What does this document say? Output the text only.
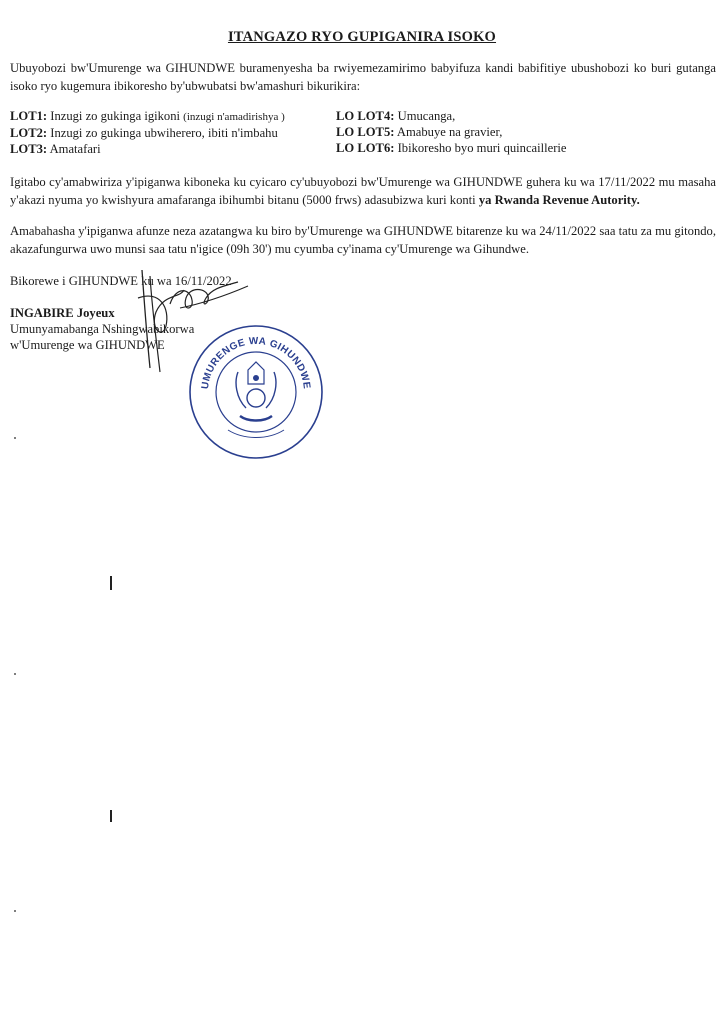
ITANGAZO RYO GUPIGANIRA ISOKO
Ubuyobozi bw'Umurenge wa GIHUNDWE buramenyesha ba rwiyemezamirimo babyifuza kandi babifitiye ubushobozi ko buri gutanga isoko ryo kugemura ibikoresho by'ubwubatsi bw'amashuri bikurikira:
LOT1: Inzugi zo gukinga igikoni (inzugi n'amadirishya )
LOT2: Inzugi zo gukinga ubwiherero, ibiti n'imbahu
LOT3: Amatafari
LO LOT4: Umucanga,
LO LOT5: Amabuye na gravier,
LO LOT6: Ibikoresho byo muri quincaillerie
Igitabo cy'amabwiriza y'ipiganwa kiboneka ku cyicaro cy'ubuyobozi bw'Umurenge wa GIHUNDWE guhera ku wa 17/11/2022 mu masaha y'akazi nyuma yo kwishyura amafaranga ibihumbi bitanu (5000 frws) adasubizwa kuri konti ya Rwanda Revenue Autority.
Amabahasha y'ipiganwa afunze neza azatangwa ku biro by'Umurenge wa GIHUNDWE bitarenze ku wa 24/11/2022 saa tatu za mu gitondo, akazafungurwa uwo munsi saa tatu n'igice (09h 30') mu cyumba cy'inama cy'Umurenge wa Gihundwe.
Bikorewe i GIHUNDWE ku wa 16/11/2022
INGABIRE Joyeux
Umunyamabanga Nshingwabikorwa
w'Umurenge wa GIHUNDWE
UMURENGE WA GIHUNDWE
